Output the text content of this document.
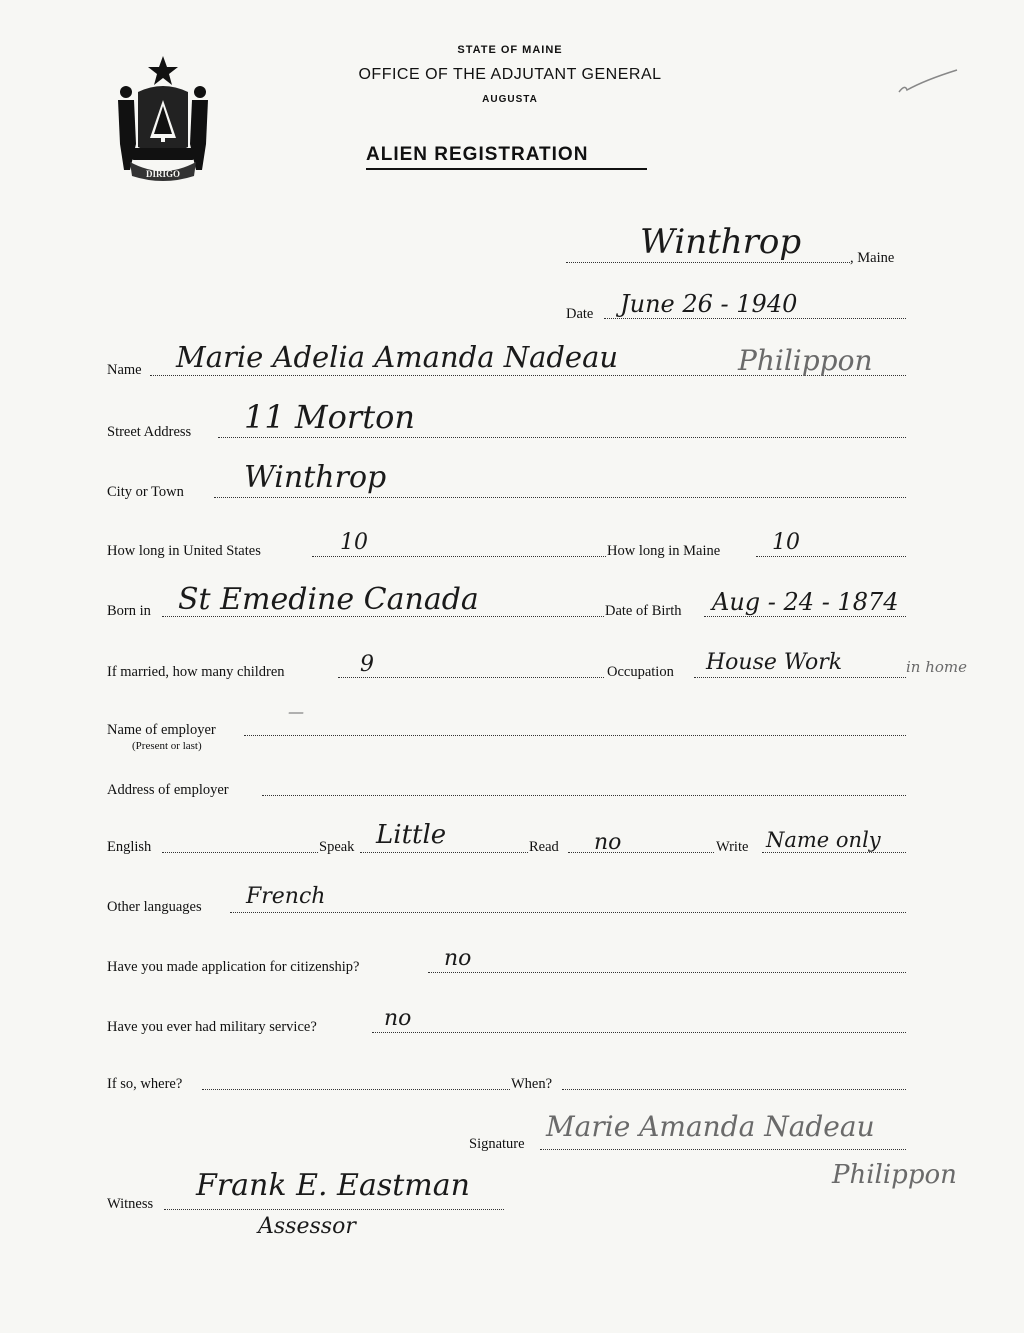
DIRIGO
STATE OF MAINE
OFFICE OF THE ADJUTANT GENERAL
AUGUSTA
ALIEN REGISTRATION
Winthrop	, Maine
Date June 26 - 1940
Name Marie Adelia Amanda Nadeau	Philippon
Street Address 11 Morton
City or Town Winthrop
How long in United States	10	How long in Maine 10
Born in St Emedine Canada	Date of Birth Aug - 24 - 1874
If married, how many children	9	Occupation House Work	in home
Name of employer
(Present or last)
—
Address of employer
English	Speak Little	Read no	Write Name only
Other languages French
Have you made application for citizenship?	no
Have you ever had military service?	no
If so, where?	When?
Signature
Marie Amanda Nadeau
Philippon
Witness
Frank E. Eastman
Assessor
